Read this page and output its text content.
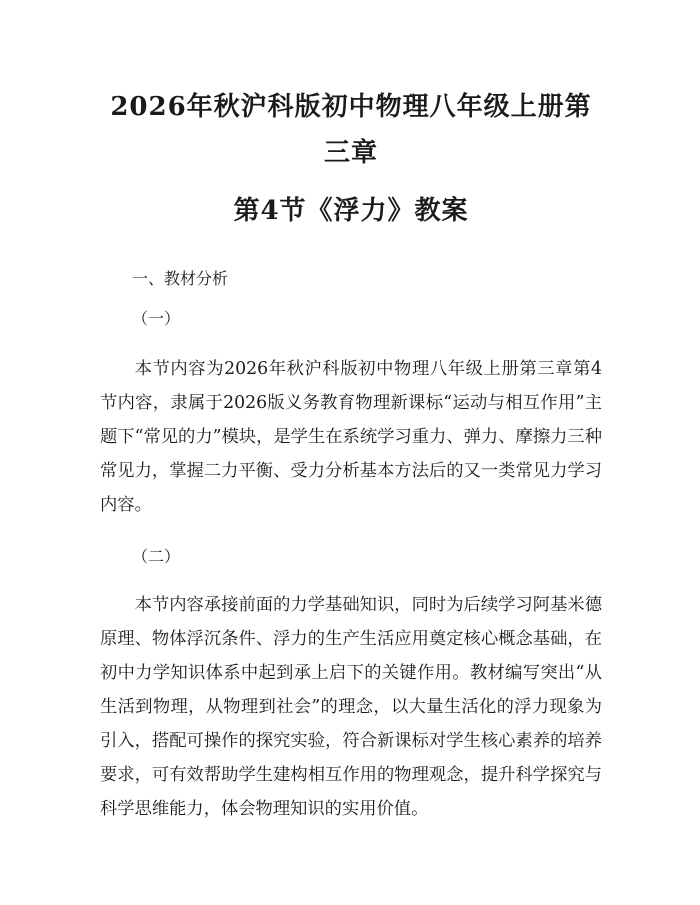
2026年秋沪科版初中物理八年级上册第三章
第4节《浮力》教案

一、教材分析

（一）

本节内容为2026年秋沪科版初中物理八年级上册第三章第4节内容，隶属于2026版义务教育物理新课标“运动与相互作用”主题下“常见的力”模块，是学生在系统学习重力、弹力、摩擦力三种常见力，掌握二力平衡、受力分析基本方法后的又一类常见力学习内容。

（二）

本节内容承接前面的力学基础知识，同时为后续学习阿基米德原理、物体浮沉条件、浮力的生产生活应用奠定核心概念基础，在初中力学知识体系中起到承上启下的关键作用。教材编写突出“从生活到物理，从物理到社会”的理念，以大量生活化的浮力现象为引入，搭配可操作的探究实验，符合新课标对学生核心素养的培养要求，可有效帮助学生建构相互作用的物理观念，提升科学探究与科学思维能力，体会物理知识的实用价值。
